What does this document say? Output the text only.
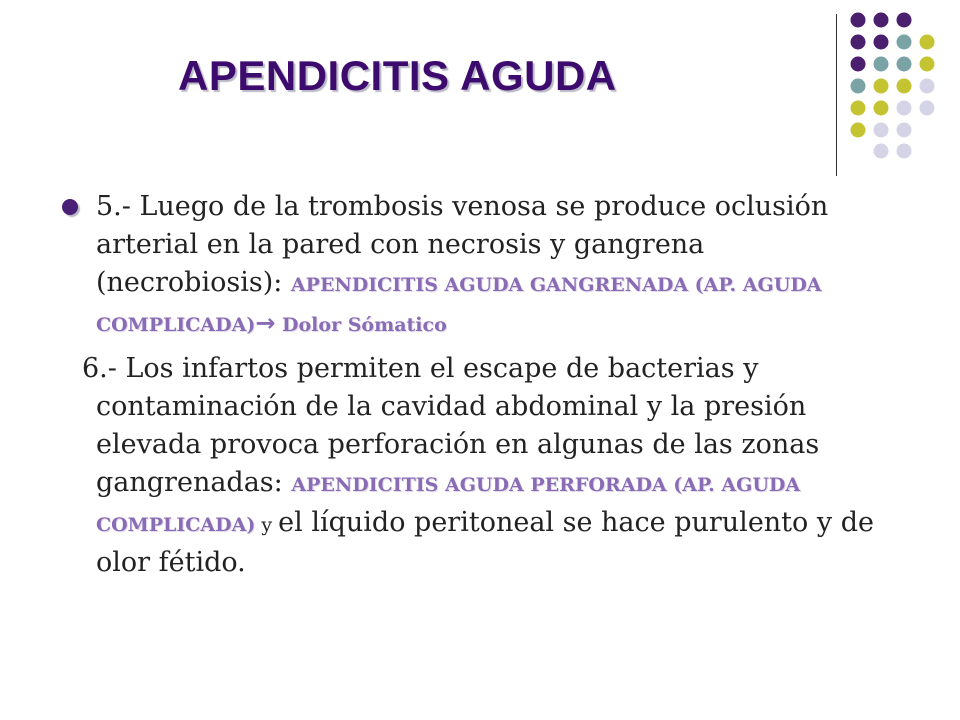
APENDICITIS AGUDA
5.- Luego de la trombosis venosa se produce oclusión arterial en la pared con necrosis y gangrena (necrobiosis): APENDICITIS AGUDA GANGRENADA (AP. AGUDA COMPLICADA)→ Dolor Sómatico
6.- Los infartos permiten el escape de bacterias y contaminación de la cavidad abdominal y la presión elevada provoca perforación en algunas de las zonas gangrenadas: APENDICITIS AGUDA PERFORADA (AP. AGUDA COMPLICADA) y el líquido peritoneal se hace purulento y de olor fétido.
